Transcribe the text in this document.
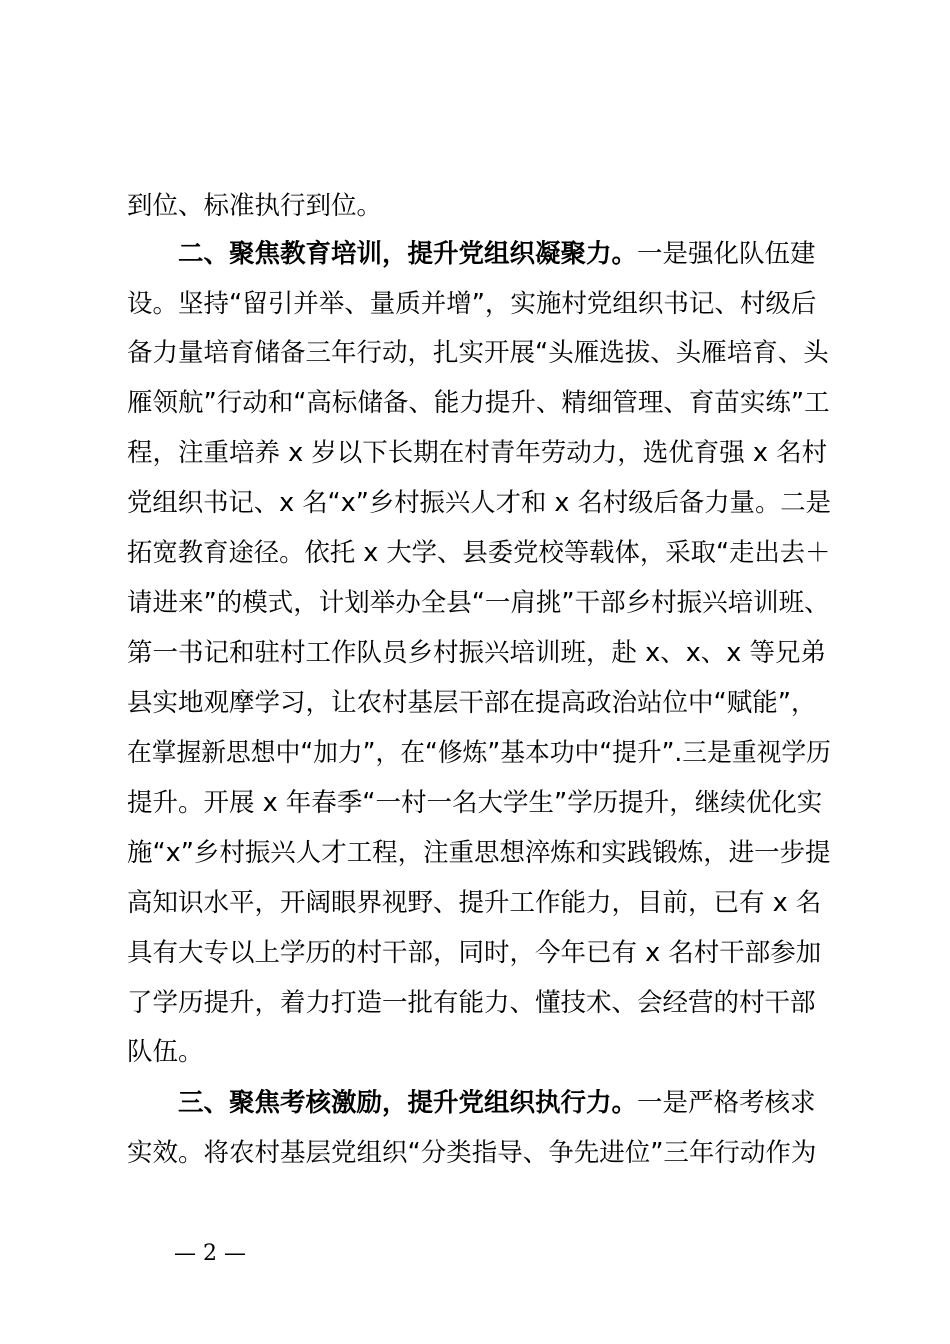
到位、标准执行到位。
二、聚焦教育培训，提升党组织凝聚力。一是强化队伍建
设。坚持“留引并举、量质并增”，实施村党组织书记、村级后
备力量培育储备三年行动，扎实开展“头雁选拔、头雁培育、头
雁领航”行动和“高标储备、能力提升、精细管理、育苗实练”工
程，注重培养 x 岁以下长期在村青年劳动力，选优育强 x 名村
党组织书记、x 名“x”乡村振兴人才和 x 名村级后备力量。二是
拓宽教育途径。依托 x 大学、县委党校等载体，采取“走出去＋
请进来”的模式，计划举办全县“一肩挑”干部乡村振兴培训班、
第一书记和驻村工作队员乡村振兴培训班，赴 x、x、x 等兄弟
县实地观摩学习，让农村基层干部在提高政治站位中“赋能”，
在掌握新思想中“加力”，在“修炼”基本功中“提升”.三是重视学历
提升。开展 x 年春季“一村一名大学生”学历提升，继续优化实
施“x”乡村振兴人才工程，注重思想淬炼和实践锻炼，进一步提
高知识水平，开阔眼界视野、提升工作能力，目前，已有 x 名
具有大专以上学历的村干部，同时，今年已有 x 名村干部参加
了学历提升，着力打造一批有能力、懂技术、会经营的村干部
队伍。
三、聚焦考核激励，提升党组织执行力。一是严格考核求
实效。将农村基层党组织“分类指导、争先进位”三年行动作为
— 2 —
